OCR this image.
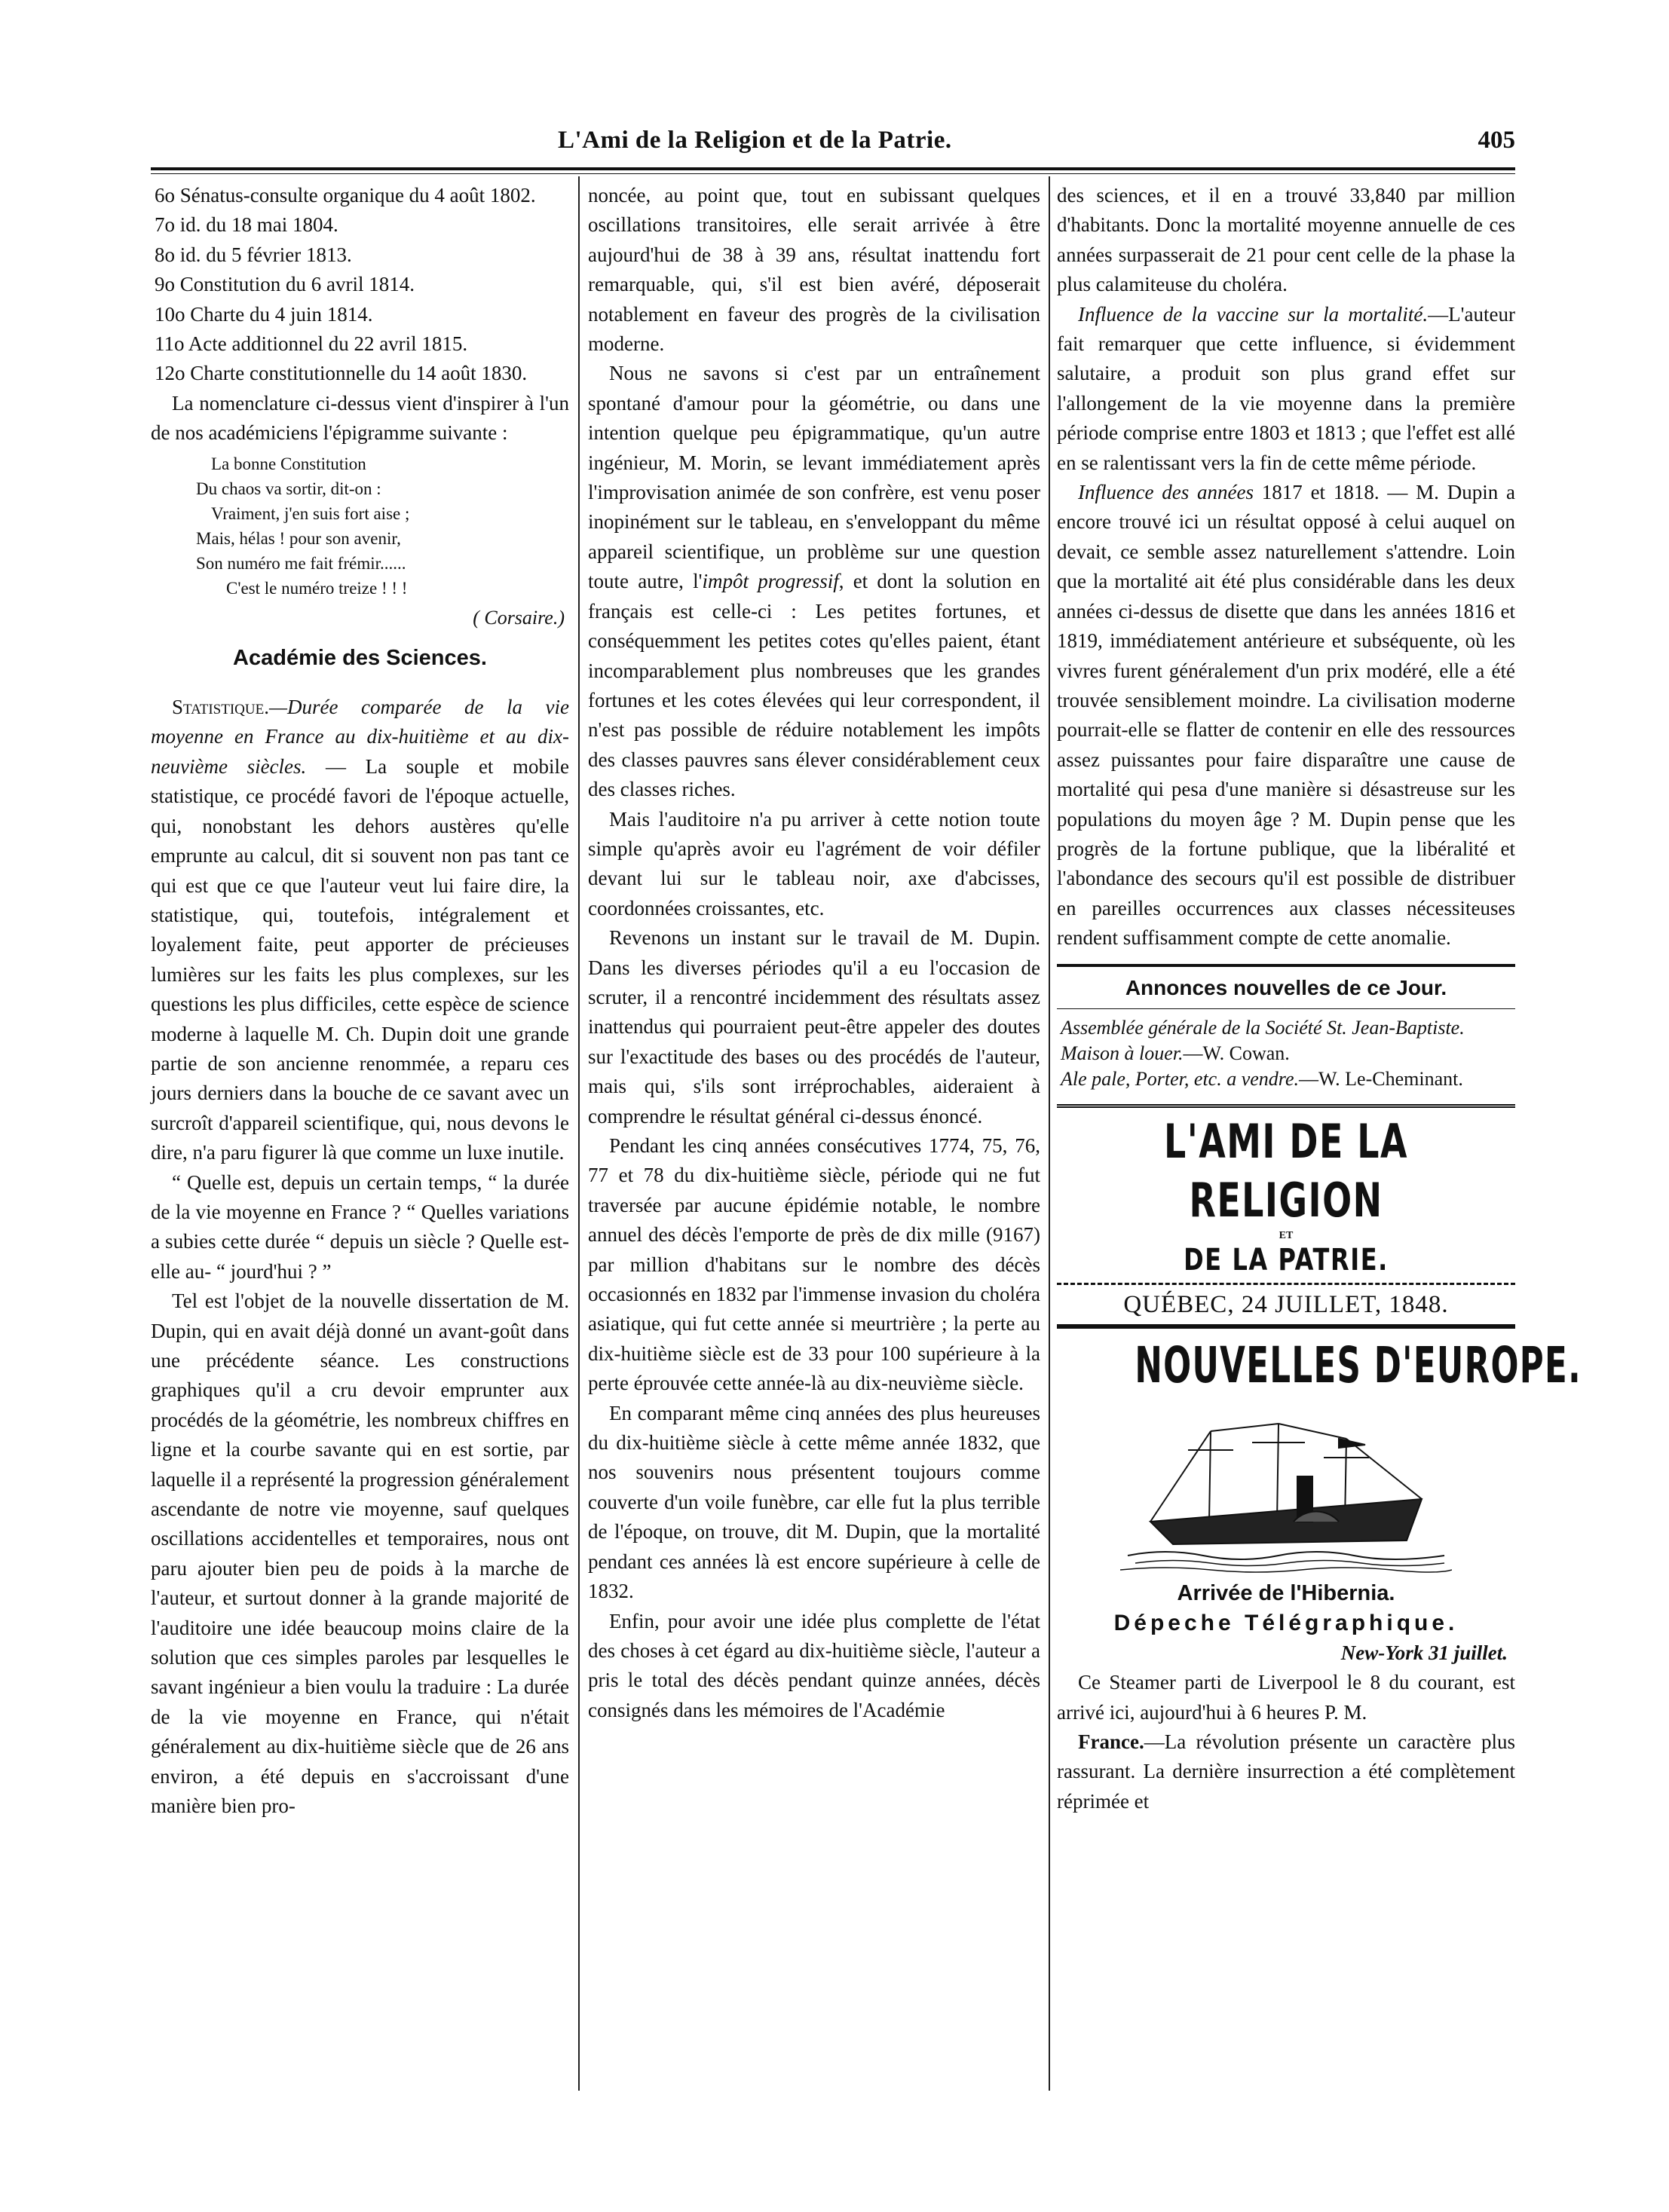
L'Ami de la Religion et de la Patrie.	405

6o Sénatus-consulte organique du 4 août 1802.

7o id. du 18 mai 1804.

8o id. du 5 février 1813.

9o Constitution du 6 avril 1814.

10o Charte du 4 juin 1814.

11o Acte additionnel du 22 avril 1815.

12o Charte constitutionnelle du 14 août 1830.

La nomenclature ci-dessus vient d'inspirer à l'un de nos académiciens l'épigramme suivante :

La bonne Constitution
Du chaos va sortir, dit-on :
Vraiment, j'en suis fort aise ;
Mais, hélas ! pour son avenir,
Son numéro me fait frémir......
C'est le numéro treize ! ! !
( Corsaire.)
Académie des Sciences.

Statistique.—Durée comparée de la vie moyenne en France au dix-huitième et au dix-neuvième siècles. — La souple et mobile statistique, ce procédé favori de l'époque actuelle, qui, nonobstant les dehors austères qu'elle emprunte au calcul, dit si souvent non pas tant ce qui est que ce que l'auteur veut lui faire dire, la statistique, qui, toutefois, intégralement et loyalement faite, peut apporter de précieuses lumières sur les faits les plus complexes, sur les questions les plus difficiles, cette espèce de science moderne à laquelle M. Ch. Dupin doit une grande partie de son ancienne renommée, a reparu ces jours derniers dans la bouche de ce savant avec un surcroît d'appareil scientifique, qui, nous devons le dire, n'a paru figurer là que comme un luxe inutile.

“ Quelle est, depuis un certain temps, “ la durée de la vie moyenne en France ? “ Quelles variations a subies cette durée “ depuis un siècle ? Quelle est-elle au- “ jourd'hui ? ”

Tel est l'objet de la nouvelle dissertation de M. Dupin, qui en avait déjà donné un avant-goût dans une précédente séance. Les constructions graphiques qu'il a cru devoir emprunter aux procédés de la géométrie, les nombreux chiffres en ligne et la courbe savante qui en est sortie, par laquelle il a représenté la progression généralement ascendante de notre vie moyenne, sauf quelques oscillations accidentelles et temporaires, nous ont paru ajouter bien peu de poids à la marche de l'auteur, et surtout donner à la grande majorité de l'auditoire une idée beaucoup moins claire de la solution que ces simples paroles par lesquelles le savant ingénieur a bien voulu la traduire : La durée de la vie moyenne en France, qui n'était généralement au dix-huitième siècle que de 26 ans environ, a été depuis en s'accroissant d'une manière bien pro-

noncée, au point que, tout en subissant quelques oscillations transitoires, elle serait arrivée à être aujourd'hui de 38 à 39 ans, résultat inattendu fort remarquable, qui, s'il est bien avéré, déposerait notablement en faveur des progrès de la civilisation moderne.

Nous ne savons si c'est par un entraînement spontané d'amour pour la géométrie, ou dans une intention quelque peu épigrammatique, qu'un autre ingénieur, M. Morin, se levant immédiatement après l'improvisation animée de son confrère, est venu poser inopinément sur le tableau, en s'enveloppant du même appareil scientifique, un problème sur une question toute autre, l'impôt progressif, et dont la solution en français est celle-ci : Les petites fortunes, et conséquemment les petites cotes qu'elles paient, étant incomparablement plus nombreuses que les grandes fortunes et les cotes élevées qui leur correspondent, il n'est pas possible de réduire notablement les impôts des classes pauvres sans élever considérablement ceux des classes riches.

Mais l'auditoire n'a pu arriver à cette notion toute simple qu'après avoir eu l'agrément de voir défiler devant lui sur le tableau noir, axe d'abcisses, coordonnées croissantes, etc.

Revenons un instant sur le travail de M. Dupin. Dans les diverses périodes qu'il a eu l'occasion de scruter, il a rencontré incidemment des résultats assez inattendus qui pourraient peut-être appeler des doutes sur l'exactitude des bases ou des procédés de l'auteur, mais qui, s'ils sont irréprochables, aideraient à comprendre le résultat général ci-dessus énoncé.

Pendant les cinq années consécutives 1774, 75, 76, 77 et 78 du dix-huitième siècle, période qui ne fut traversée par aucune épidémie notable, le nombre annuel des décès l'emporte de près de dix mille (9167) par million d'habitans sur le nombre des décès occasionnés en 1832 par l'immense invasion du choléra asiatique, qui fut cette année si meurtrière ; la perte au dix-huitième siècle est de 33 pour 100 supérieure à la perte éprouvée cette année-là au dix-neuvième siècle.

En comparant même cinq années des plus heureuses du dix-huitième siècle à cette même année 1832, que nos souvenirs nous présentent toujours comme couverte d'un voile funèbre, car elle fut la plus terrible de l'époque, on trouve, dit M. Dupin, que la mortalité pendant ces années là est encore supérieure à celle de 1832.

Enfin, pour avoir une idée plus complette de l'état des choses à cet égard au dix-huitième siècle, l'auteur a pris le total des décès pendant quinze années, décès consignés dans les mémoires de l'Académie

des sciences, et il en a trouvé 33,840 par million d'habitants. Donc la mortalité moyenne annuelle de ces années surpasserait de 21 pour cent celle de la phase la plus calamiteuse du choléra.

Influence de la vaccine sur la mortalité.—L'auteur fait remarquer que cette influence, si évidemment salutaire, a produit son plus grand effet sur l'allongement de la vie moyenne dans la première période comprise entre 1803 et 1813 ; que l'effet est allé en se ralentissant vers la fin de cette même période.

Influence des années 1817 et 1818. — M. Dupin a encore trouvé ici un résultat opposé à celui auquel on devait, ce semble assez naturellement s'attendre. Loin que la mortalité ait été plus considérable dans les deux années ci-dessus de disette que dans les années 1816 et 1819, immédiatement antérieure et subséquente, où les vivres furent généralement d'un prix modéré, elle a été trouvée sensiblement moindre. La civilisation moderne pourrait-elle se flatter de contenir en elle des ressources assez puissantes pour faire disparaître une cause de mortalité qui pesa d'une manière si désastreuse sur les populations du moyen âge ? M. Dupin pense que les progrès de la fortune publique, que la libéralité et l'abondance des secours qu'il est possible de distribuer en pareilles occurrences aux classes nécessiteuses rendent suffisamment compte de cette anomalie.

Annonces nouvelles de ce Jour.

Assemblée générale de la Société St. Jean-Baptiste.

Maison à louer.—W. Cowan.

Ale pale, Porter, etc. a vendre.—W. Le-Cheminant.

L'AMI DE LA RELIGION
ET
DE LA PATRIE.
QUÉBEC, 24 JUILLET, 1848.
NOUVELLES D'EUROPE.
Arrivée de l'Hibernia.
Dépeche Télégraphique.
New-York 31 juillet.

Ce Steamer parti de Liverpool le 8 du courant, est arrivé ici, aujourd'hui à 6 heures P. M.

France.—La révolution présente un caractère plus rassurant. La dernière insurrection a été complètement réprimée et
